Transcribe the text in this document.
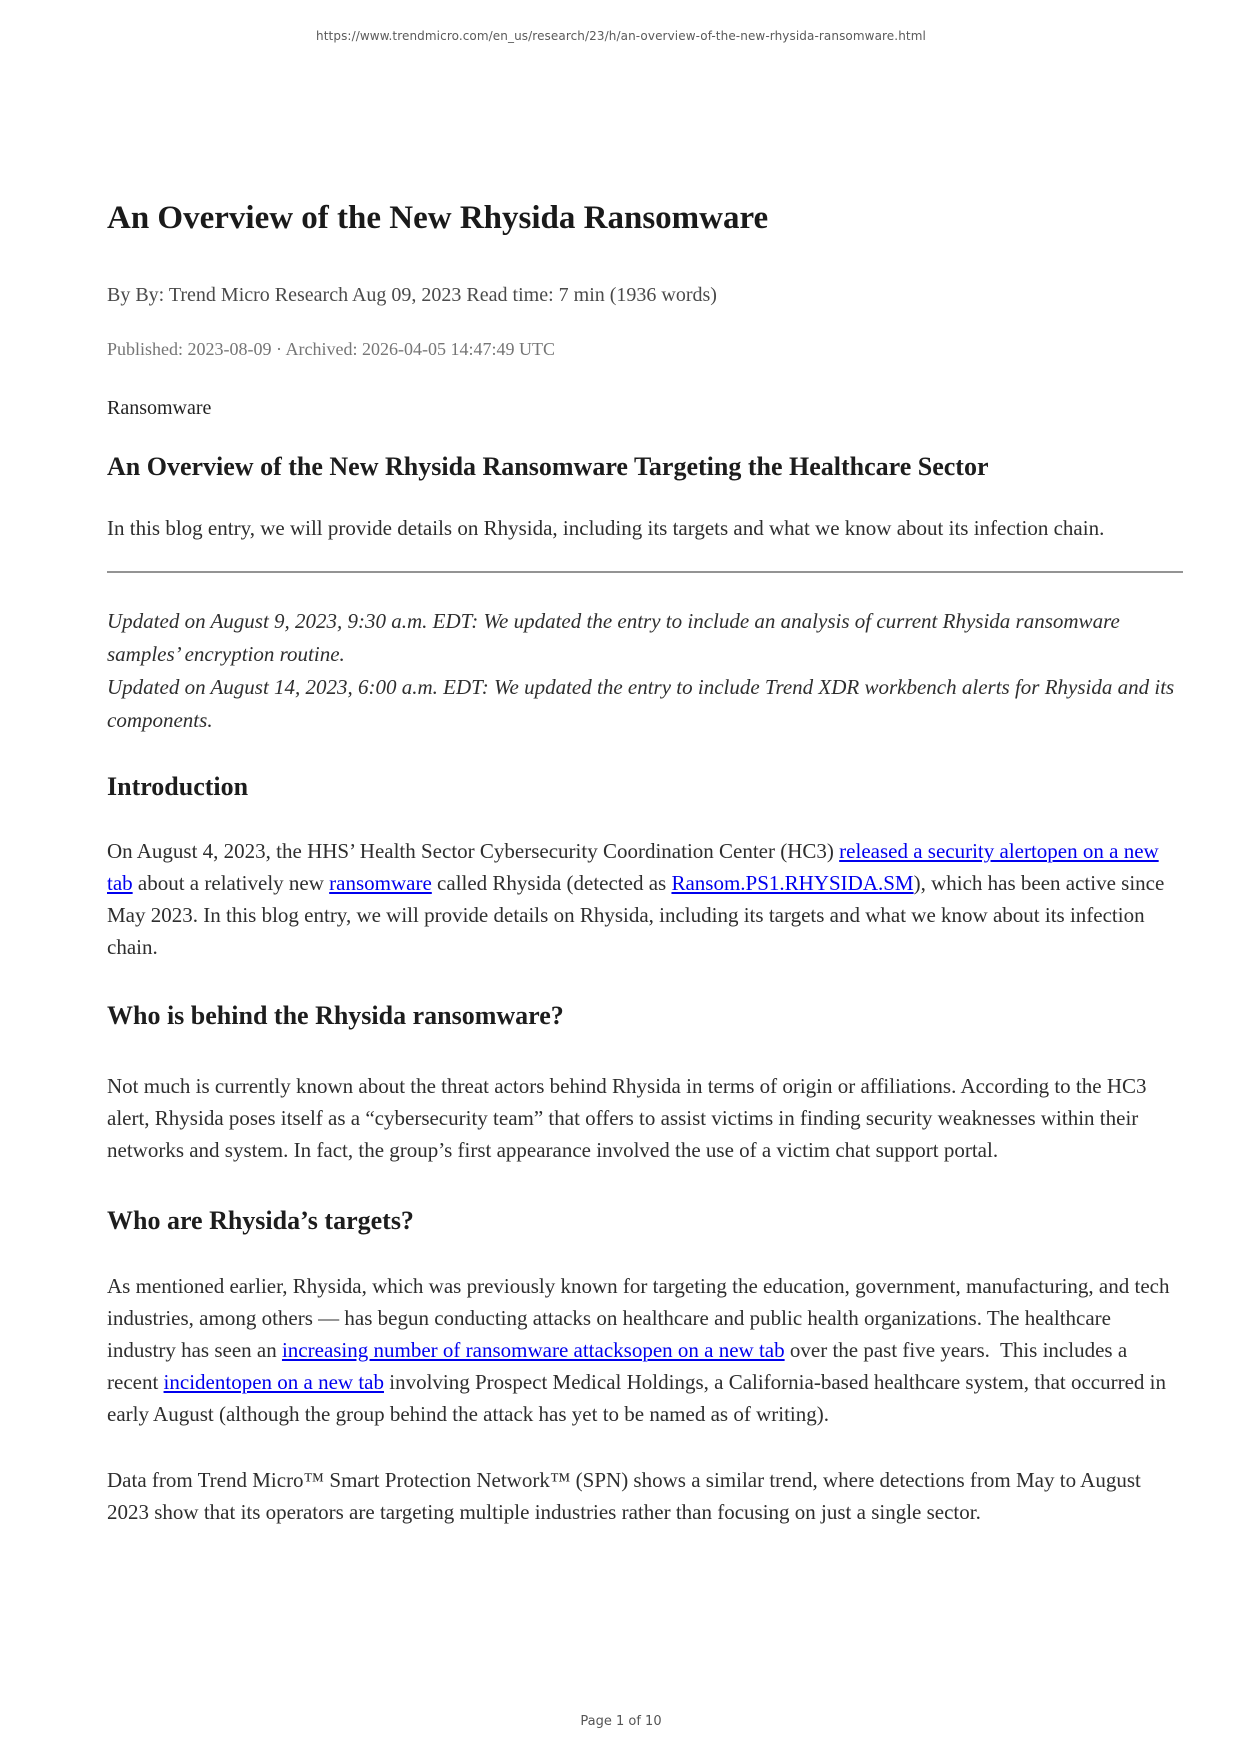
https://www.trendmicro.com/en_us/research/23/h/an-overview-of-the-new-rhysida-ransomware.html
An Overview of the New Rhysida Ransomware
By By: Trend Micro Research Aug 09, 2023 Read time: 7 min (1936 words)
Published: 2023-08-09 · Archived: 2026-04-05 14:47:49 UTC
Ransomware
An Overview of the New Rhysida Ransomware Targeting the Healthcare Sector

In this blog entry, we will provide details on Rhysida, including its targets and what we know about its infection chain.

Updated on August 9, 2023, 9:30 a.m. EDT: We updated the entry to include an analysis of current Rhysida ransomware samples’ encryption routine.

Updated on August 14, 2023, 6:00 a.m. EDT: We updated the entry to include Trend XDR workbench alerts for Rhysida and its components.

Introduction

On August 4, 2023, the HHS’ Health Sector Cybersecurity Coordination Center (HC3) released a security alertopen on a new tab about a relatively new ransomware called Rhysida (detected as Ransom.PS1.RHYSIDA.SM), which has been active since May 2023. In this blog entry, we will provide details on Rhysida, including its targets and what we know about its infection chain.

Who is behind the Rhysida ransomware?

Not much is currently known about the threat actors behind Rhysida in terms of origin or affiliations. According to the HC3 alert, Rhysida poses itself as a “cybersecurity team” that offers to assist victims in finding security weaknesses within their networks and system. In fact, the group’s first appearance involved the use of a victim chat support portal.

Who are Rhysida’s targets?

As mentioned earlier, Rhysida, which was previously known for targeting the education, government, manufacturing, and tech industries, among others — has begun conducting attacks on healthcare and public health organizations. The healthcare industry has seen an increasing number of ransomware attacksopen on a new tab over the past five years.  This includes a recent incidentopen on a new tab involving Prospect Medical Holdings, a California-based healthcare system, that occurred in early August (although the group behind the attack has yet to be named as of writing).

Data from Trend Micro™ Smart Protection Network™ (SPN) shows a similar trend, where detections from May to August 2023 show that its operators are targeting multiple industries rather than focusing on just a single sector.

Page 1 of 10
